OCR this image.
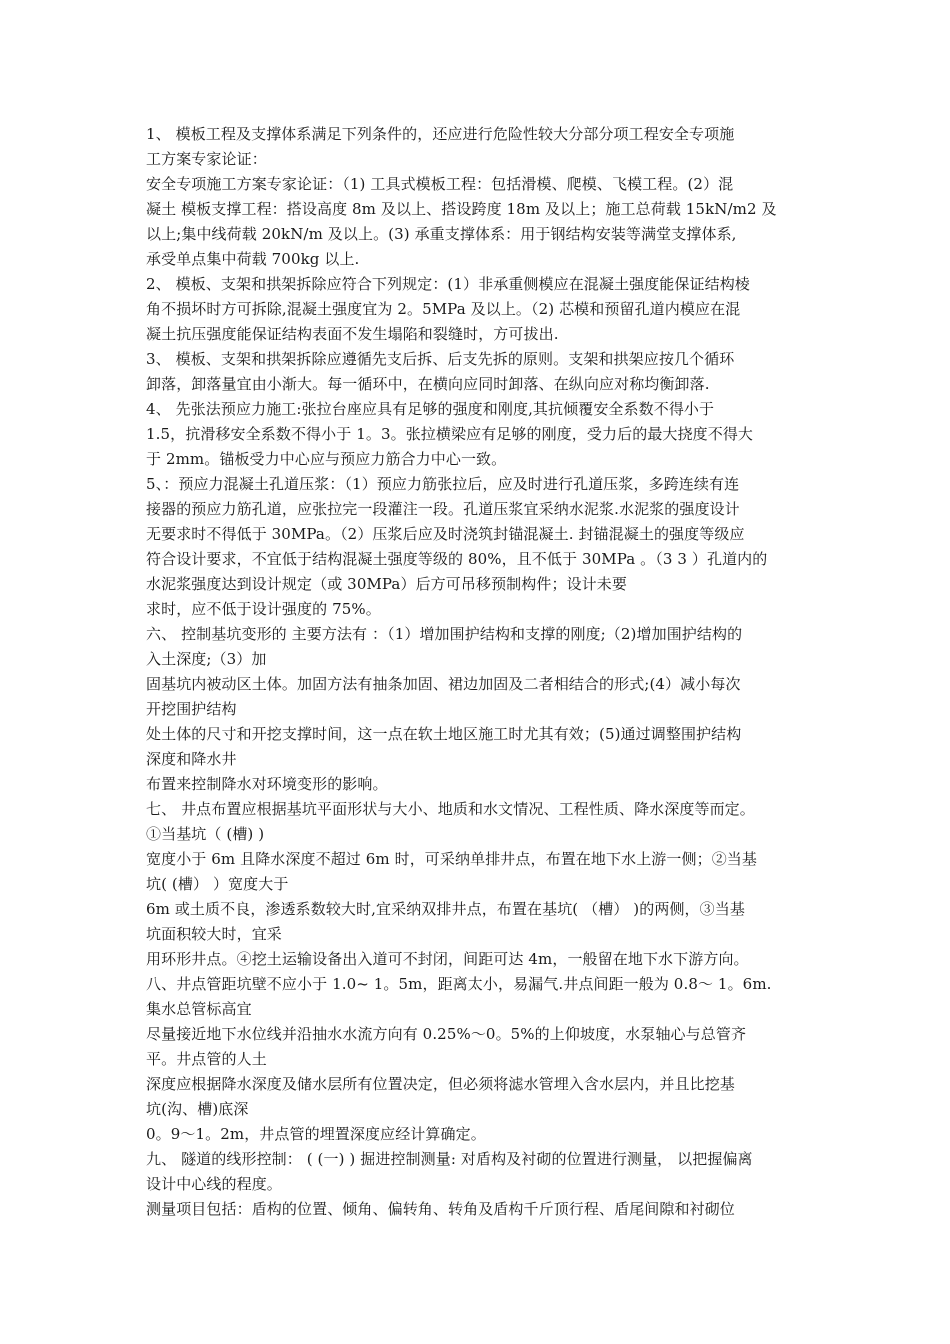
1、 模板工程及支撑体系满足下列条件的，还应进行危险性较大分部分项工程安全专项施
工方案专家论证：
安全专项施工方案专家论证：（1) 工具式模板工程：包括滑模、爬模、飞模工程。(2）混
凝土 模板支撑工程：搭设高度 8m 及以上、搭设跨度 18m 及以上；施工总荷载 15kN/m2 及
以上;集中线荷载 20kN/m 及以上。(3) 承重支撑体系：用于钢结构安装等满堂支撑体系,
承受单点集中荷载 700kg 以上.
2、 模板、支架和拱架拆除应符合下列规定：(1）非承重侧模应在混凝土强度能保证结构棱
角不损坏时方可拆除,混凝土强度宜为 2。5MPa 及以上。（2) 芯模和预留孔道内模应在混
凝土抗压强度能保证结构表面不发生塌陷和裂缝时，方可拔出.
3、 模板、支架和拱架拆除应遵循先支后拆、后支先拆的原则。支架和拱架应按几个循环
卸落，卸落量宜由小渐大。每一循环中，在横向应同时卸落、在纵向应对称均衡卸落.
4、 先张法预应力施工:张拉台座应具有足够的强度和刚度,其抗倾覆安全系数不得小于
1.5，抗滑移安全系数不得小于 1。3。张拉横梁应有足够的刚度，受力后的最大挠度不得大
于 2mm。锚板受力中心应与预应力筋合力中心一致。
5、：预应力混凝土孔道压浆：（1）预应力筋张拉后，应及时进行孔道压浆，多跨连续有连
接器的预应力筋孔道，应张拉完一段灌注一段。孔道压浆宜采纳水泥浆.水泥浆的强度设计
无要求时不得低于 30MPa。（2）压浆后应及时浇筑封锚混凝土. 封锚混凝土的强度等级应
符合设计要求，不宜低于结构混凝土强度等级的 80%，且不低于 30MPa 。（3 3 ）孔道内的
水泥浆强度达到设计规定（或 30MPa）后方可吊移预制构件；设计未要
求时，应不低于设计强度的 75%。
六、 控制基坑变形的 主要方法有 ：（1）增加围护结构和支撑的刚度;（2)增加围护结构的
入土深度;（3）加
固基坑内被动区土体。加固方法有抽条加固、裙边加固及二者相结合的形式;(4）减小每次
开挖围护结构
处土体的尺寸和开挖支撑时间，这一点在软土地区施工时尤其有效；(5)通过调整围护结构
深度和降水井
布置来控制降水对环境变形的影响。
七、 井点布置应根据基坑平面形状与大小、地质和水文情况、工程性质、降水深度等而定。
①当基坑（ (槽) )
宽度小于 6m 且降水深度不超过 6m 时，可采纳单排井点，布置在地下水上游一侧；②当基
坑( (槽） ）宽度大于
6m 或土质不良，渗透系数较大时,宜采纳双排井点，布置在基坑( （槽） )的两侧，③当基
坑面积较大时，宜采
用环形井点。④挖土运输设备出入道可不封闭，间距可达 4m，一般留在地下水下游方向。
八、井点管距坑壁不应小于 1.0~ 1。5m，距离太小，易漏气.井点间距一般为 0.8～ 1。6m.
集水总管标高宜
尽量接近地下水位线并沿抽水水流方向有 0.25%～0。5%的上仰坡度，水泵轴心与总管齐
平。井点管的人土
深度应根据降水深度及储水层所有位置决定，但必须将滤水管埋入含水层内，并且比挖基
坑(沟、槽)底深
0。9～1。2m，井点管的埋置深度应经计算确定。
九、 隧道的线形控制： ( (一) ) 掘进控制测量: 对盾构及衬砌的位置进行测量， 以把握偏离
设计中心线的程度。
测量项目包括：盾构的位置、倾角、偏转角、转角及盾构千斤顶行程、盾尾间隙和衬砌位
